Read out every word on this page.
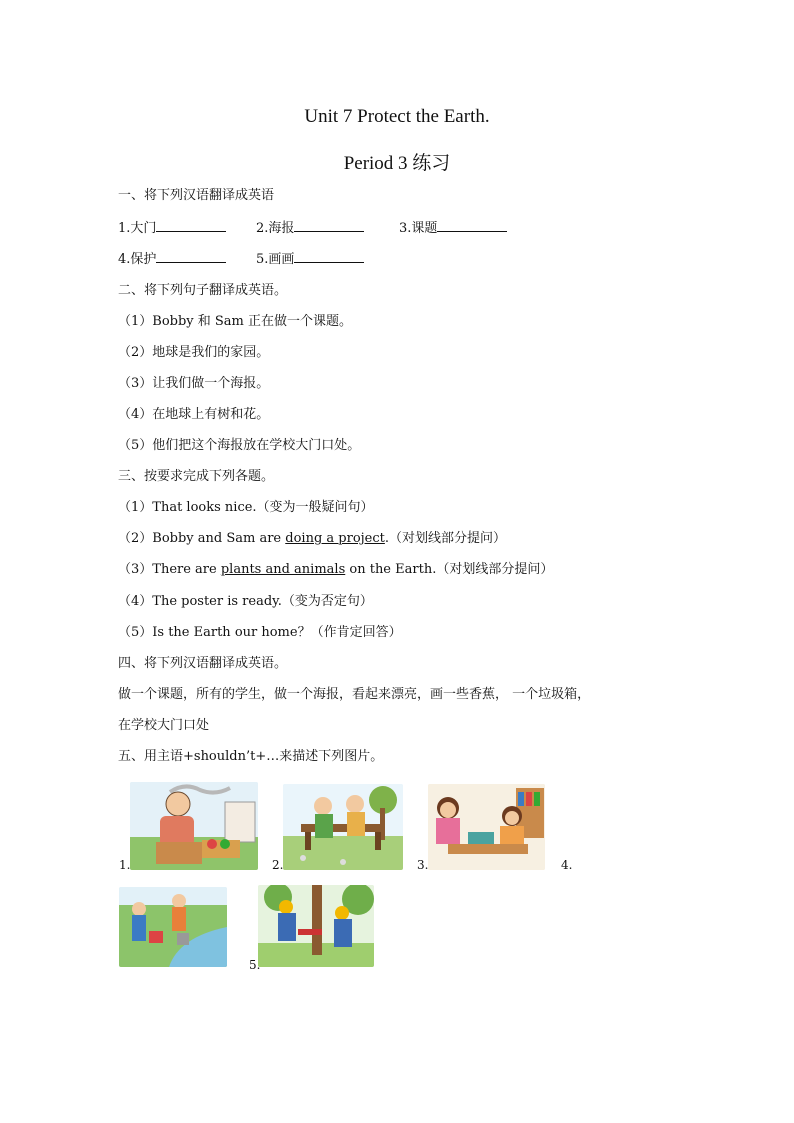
Unit 7 Protect the Earth.
Period 3 练习
一、将下列汉语翻译成英语
1.大门	2.海报	3.课题
4.保护	5.画画
二、将下列句子翻译成英语。
（1）Bobby 和 Sam 正在做一个课题。
（2）地球是我们的家园。
（3）让我们做一个海报。
（4）在地球上有树和花。
（5）他们把这个海报放在学校大门口处。
三、按要求完成下列各题。
（1）That looks nice.（变为一般疑问句）
（2）Bobby and Sam are doing a project.（对划线部分提问）
（3）There are plants and animals on the Earth.（对划线部分提问）
（4）The poster is ready.（变为否定句）
（5）Is the Earth our home？（作肯定回答）
四、将下列汉语翻译成英语。
做一个课题，所有的学生，做一个海报，看起来漂亮，画一些香蕉， 一个垃圾箱，
在学校大门口处
五、用主语+shouldn’t+…来描述下列图片。
1.	2.	3.	4.
5.
